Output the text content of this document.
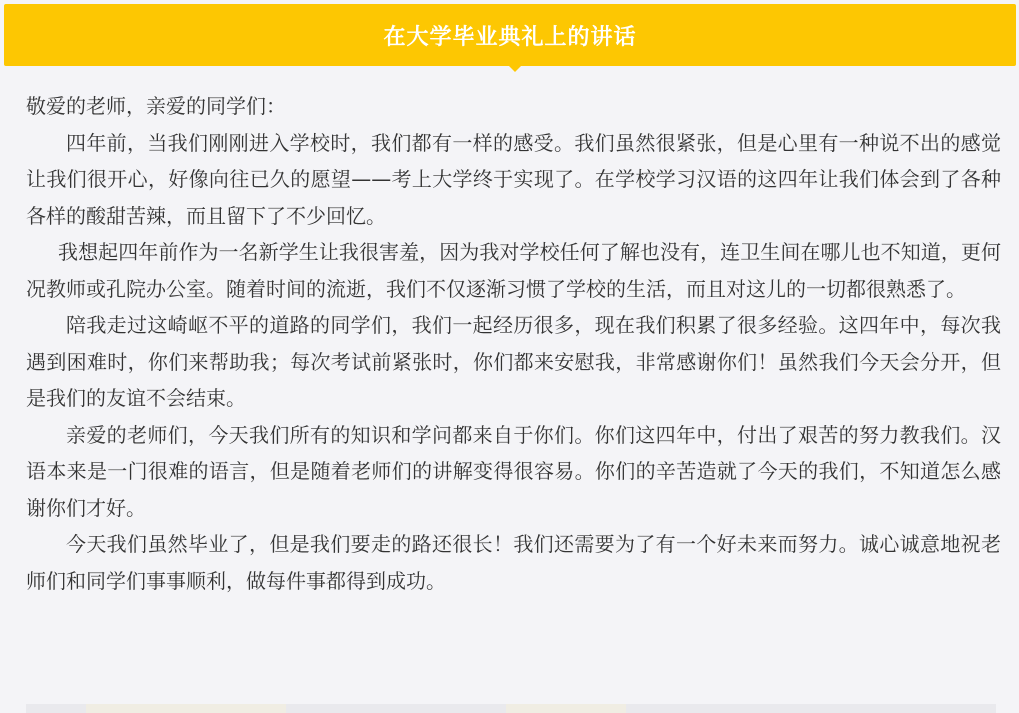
在大学毕业典礼上的讲话

敬爱的老师，亲爱的同学们：

四年前，当我们刚刚进入学校时，我们都有一样的感受。我们虽然很紧张，但是心里有一种说不出的感觉让我们很开心，好像向往已久的愿望——考上大学终于实现了。在学校学习汉语的这四年让我们体会到了各种各样的酸甜苦辣，而且留下了不少回忆。

我想起四年前作为一名新学生让我很害羞，因为我对学校任何了解也没有，连卫生间在哪儿也不知道，更何况教师或孔院办公室。随着时间的流逝，我们不仅逐渐习惯了学校的生活，而且对这儿的一切都很熟悉了。

陪我走过这崎岖不平的道路的同学们，我们一起经历很多，现在我们积累了很多经验。这四年中，每次我遇到困难时，你们来帮助我；每次考试前紧张时，你们都来安慰我，非常感谢你们！虽然我们今天会分开，但是我们的友谊不会结束。

亲爱的老师们，今天我们所有的知识和学问都来自于你们。你们这四年中，付出了艰苦的努力教我们。汉语本来是一门很难的语言，但是随着老师们的讲解变得很容易。你们的辛苦造就了今天的我们，不知道怎么感谢你们才好。

今天我们虽然毕业了，但是我们要走的路还很长！我们还需要为了有一个好未来而努力。诚心诚意地祝老师们和同学们事事顺利，做每件事都得到成功。
